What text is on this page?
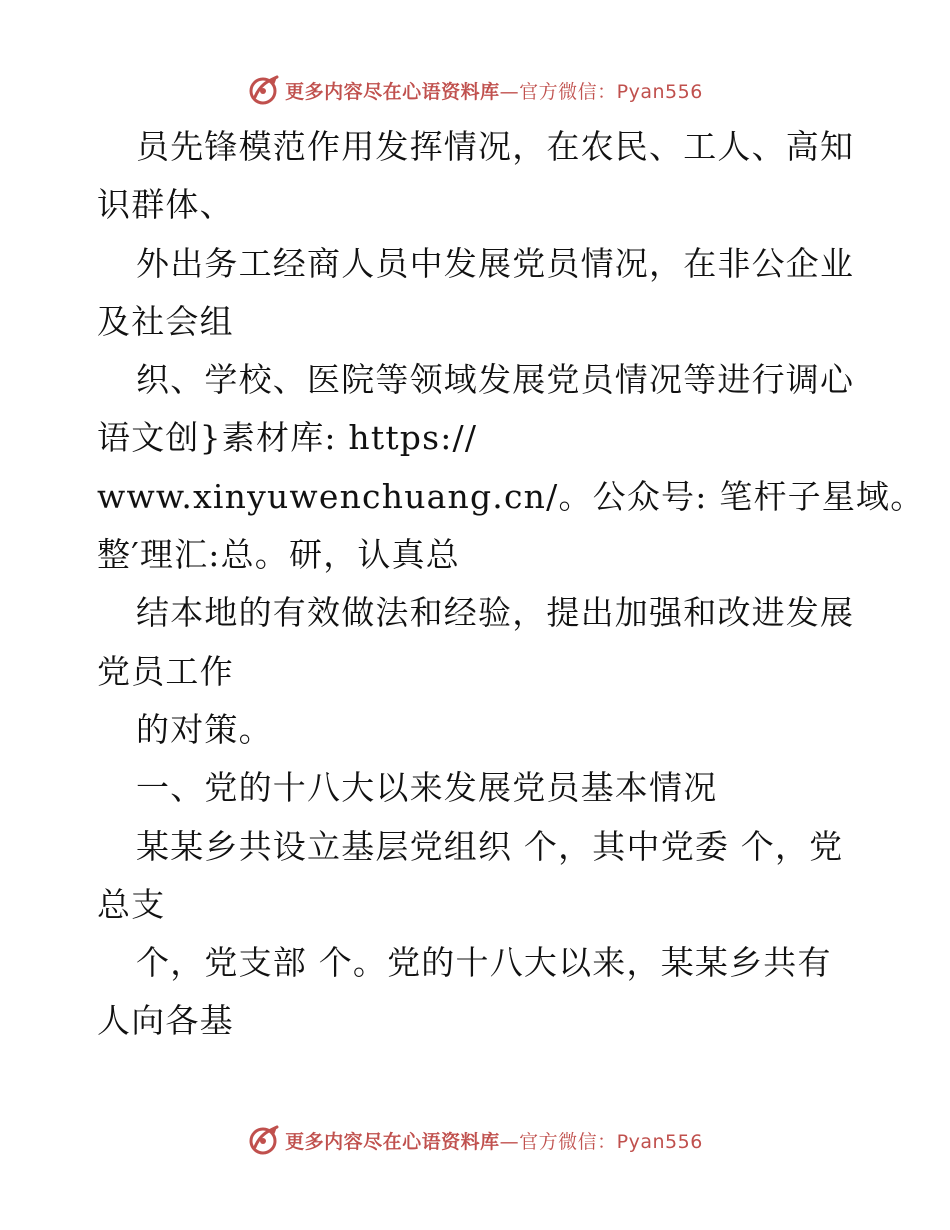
更多内容尽在心语资料库—官方微信：Pyan556
员先锋模范作用发挥情况，在农民、工人、高知
识群体、
外出务工经商人员中发展党员情况，在非公企业
及社会组
织、学校、医院等领域发展党员情况等进行调心
语文创}素材库: https://
www.xinyuwenchuang.cn/。公众号: 笔杆子星域。
整′理汇:总。研，认真总
结本地的有效做法和经验，提出加强和改进发展
党员工作
的对策。
一、党的十八大以来发展党员基本情况
某某乡共设立基层党组织 个，其中党委 个，党
总支
个，党支部 个。党的十八大以来，某某乡共有
人向各基
更多内容尽在心语资料库—官方微信：Pyan556
